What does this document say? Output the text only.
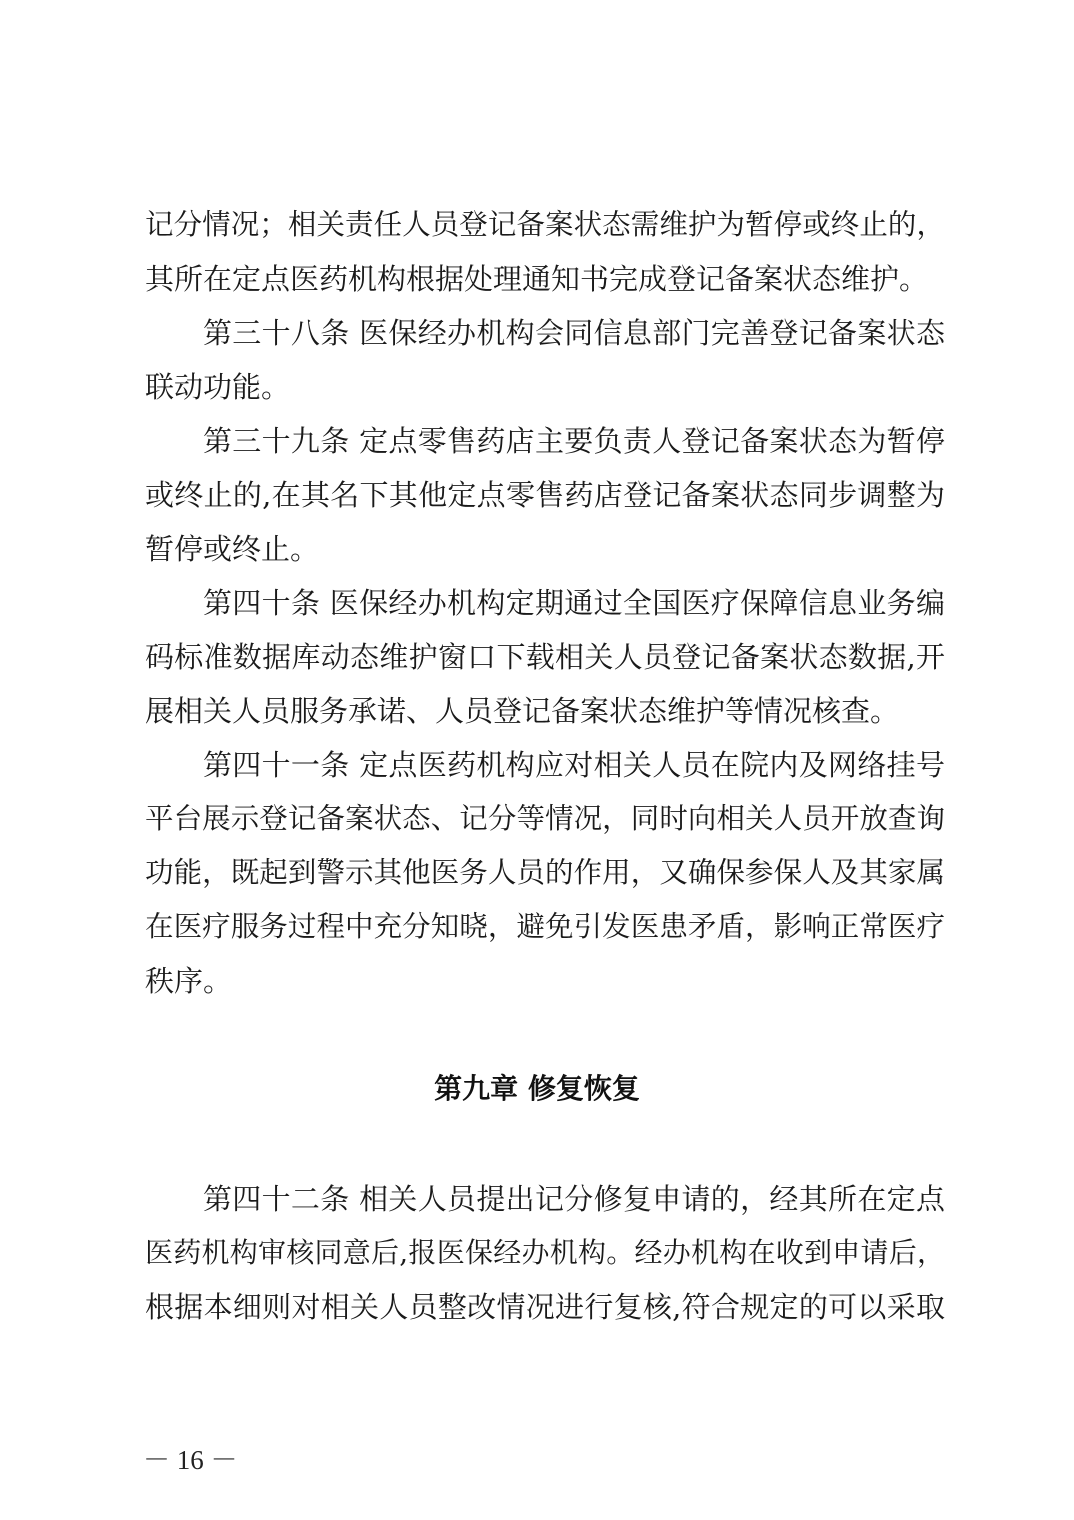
记分情况；相关责任人员登记备案状态需维护为暂停或终止的，
其所在定点医药机构根据处理通知书完成登记备案状态维护。
第三十八条 医保经办机构会同信息部门完善登记备案状态
联动功能。
第三十九条 定点零售药店主要负责人登记备案状态为暂停
或终止的,在其名下其他定点零售药店登记备案状态同步调整为
暂停或终止。
第四十条 医保经办机构定期通过全国医疗保障信息业务编
码标准数据库动态维护窗口下载相关人员登记备案状态数据,开
展相关人员服务承诺、人员登记备案状态维护等情况核查。
第四十一条 定点医药机构应对相关人员在院内及网络挂号
平台展示登记备案状态、记分等情况，同时向相关人员开放查询
功能，既起到警示其他医务人员的作用，又确保参保人及其家属
在医疗服务过程中充分知晓，避免引发医患矛盾，影响正常医疗
秩序。
第九章 修复恢复
第四十二条 相关人员提出记分修复申请的，经其所在定点
医药机构审核同意后,报医保经办机构。经办机构在收到申请后，
根据本细则对相关人员整改情况进行复核,符合规定的可以采取
－ 16 －
